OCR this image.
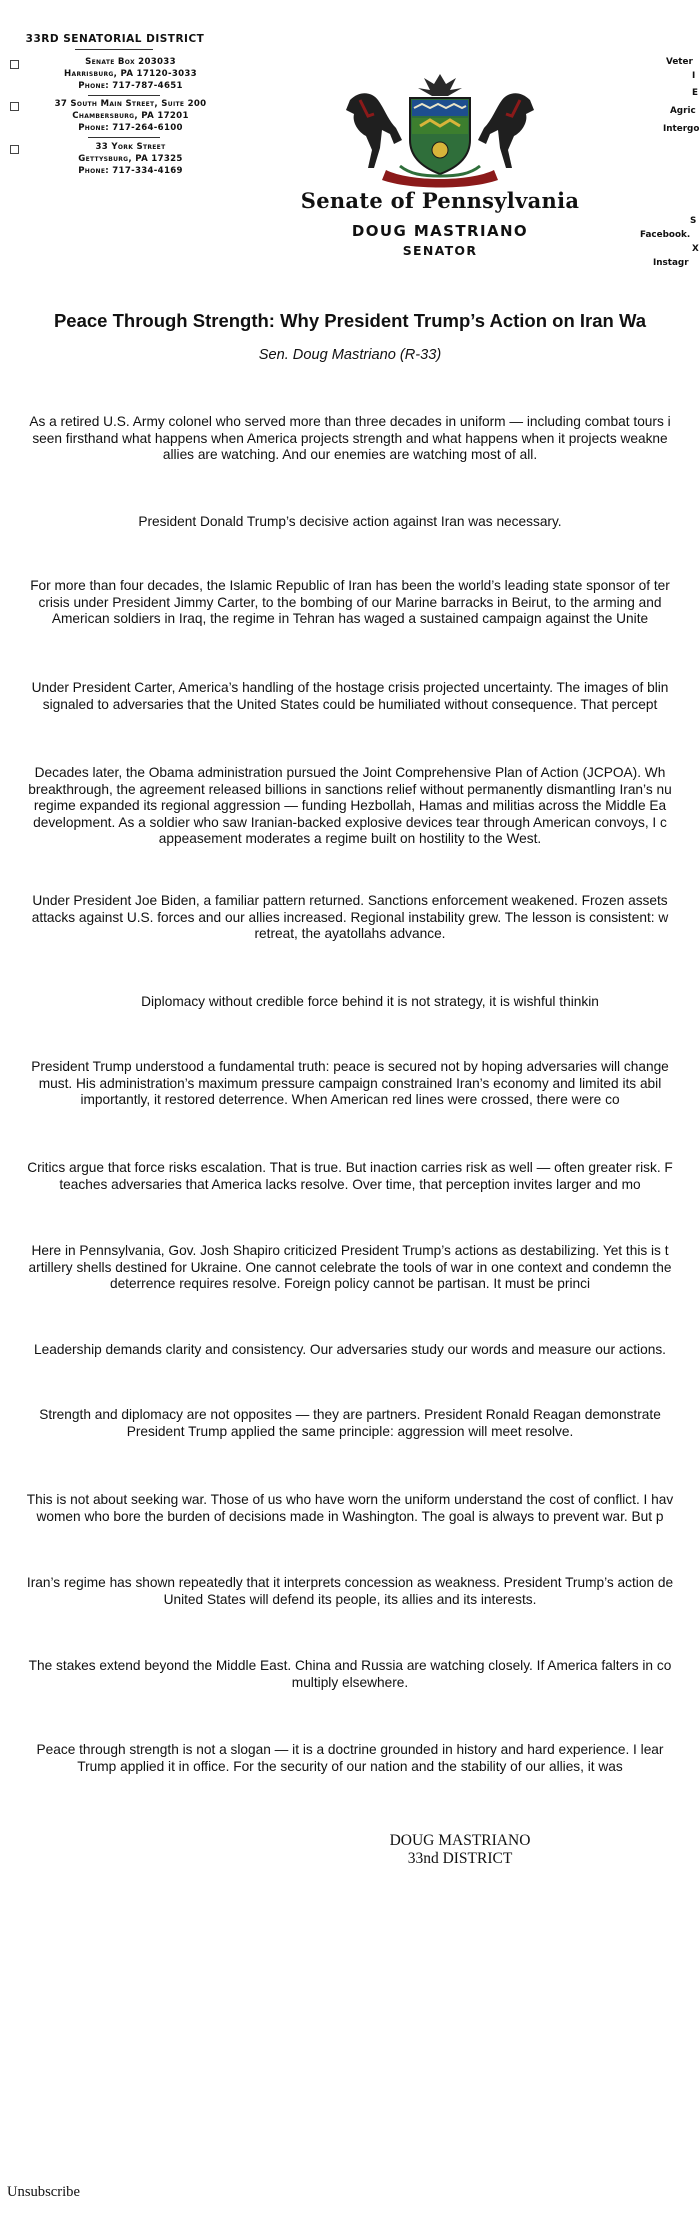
33RD SENATORIAL DISTRICT
Senate Box 203033
Harrisburg, PA 17120-3033
Phone: 717-787-4651
37 South Main Street, Suite 200
Chambersburg, PA 17201
Phone: 717-264-6100
33 York Street
Gettysburg, PA 17325
Phone: 717-334-4169
Senate of Pennsylvania
DOUG MASTRIANO
SENATOR
Veter
I
E
Agric
Intergo
S
Facebook.
X
Instagr
Peace Through Strength: Why President Trump’s Action on Iran Wa
Sen. Doug Mastriano (R-33)
As a retired U.S. Army colonel who served more than three decades in uniform — including combat tours i
seen firsthand what happens when America projects strength and what happens when it projects weakne
allies are watching. And our enemies are watching most of all.
President Donald Trump’s decisive action against Iran was necessary.
For more than four decades, the Islamic Republic of Iran has been the world’s leading state sponsor of ter
crisis under President Jimmy Carter, to the bombing of our Marine barracks in Beirut, to the arming and
American soldiers in Iraq, the regime in Tehran has waged a sustained campaign against the Unite
Under President Carter, America’s handling of the hostage crisis projected uncertainty. The images of blin
signaled to adversaries that the United States could be humiliated without consequence. That percept
Decades later, the Obama administration pursued the Joint Comprehensive Plan of Action (JCPOA). Wh
breakthrough, the agreement released billions in sanctions relief without permanently dismantling Iran’s nu
regime expanded its regional aggression — funding Hezbollah, Hamas and militias across the Middle Ea
development. As a soldier who saw Iranian-backed explosive devices tear through American convoys, I c
appeasement moderates a regime built on hostility to the West.
Under President Joe Biden, a familiar pattern returned. Sanctions enforcement weakened. Frozen assets
attacks against U.S. forces and our allies increased. Regional instability grew. The lesson is consistent: w
retreat, the ayatollahs advance.
Diplomacy without credible force behind it is not strategy, it is wishful thinkin
President Trump understood a fundamental truth: peace is secured not by hoping adversaries will change
must. His administration’s maximum pressure campaign constrained Iran’s economy and limited its abil
importantly, it restored deterrence. When American red lines were crossed, there were co
Critics argue that force risks escalation. That is true. But inaction carries risk as well — often greater risk. F
teaches adversaries that America lacks resolve. Over time, that perception invites larger and mo
Here in Pennsylvania, Gov. Josh Shapiro criticized President Trump’s actions as destabilizing. Yet this is t
artillery shells destined for Ukraine. One cannot celebrate the tools of war in one context and condemn the
deterrence requires resolve. Foreign policy cannot be partisan. It must be princi
Leadership demands clarity and consistency. Our adversaries study our words and measure our actions.
Strength and diplomacy are not opposites — they are partners. President Ronald Reagan demonstrate
President Trump applied the same principle: aggression will meet resolve.
This is not about seeking war. Those of us who have worn the uniform understand the cost of conflict. I hav
women who bore the burden of decisions made in Washington. The goal is always to prevent war. But p
Iran’s regime has shown repeatedly that it interprets concession as weakness. President Trump’s action de
United States will defend its people, its allies and its interests.
The stakes extend beyond the Middle East. China and Russia are watching closely. If America falters in co
multiply elsewhere.
Peace through strength is not a slogan — it is a doctrine grounded in history and hard experience. I lear
Trump applied it in office. For the security of our nation and the stability of our allies, it was
DOUG MASTRIANO
33nd DISTRICT
Unsubscribe
